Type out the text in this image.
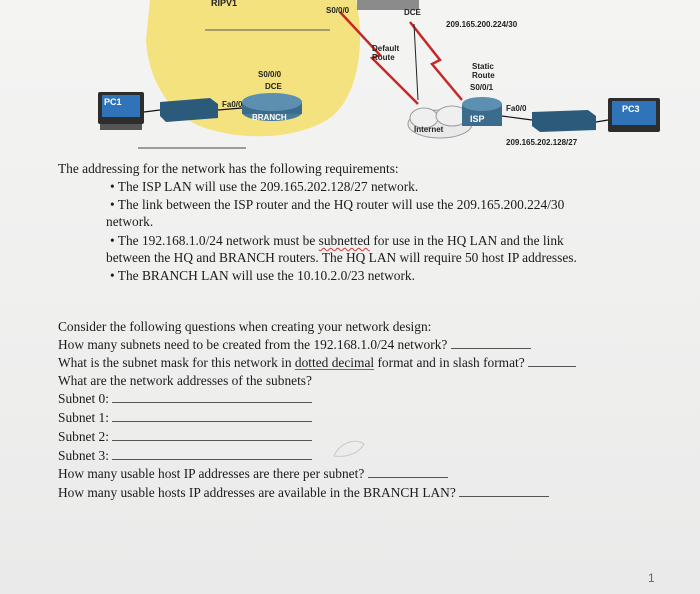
RIPV1
S0/0/0	DCE
209.165.200.224/30
Default
Route
Static
Route
S0/0/1
S0/0/0
DCE
PC1	Fa0/0
BRANCH
Internet
ISP
Fa0/0	PC3
209.165.202.128/27
The addressing for the network has the following requirements:
• The ISP LAN will use the 209.165.202.128/27 network.
• The link between the ISP router and the HQ router will use the 209.165.200.224/30
network.
• The 192.168.1.0/24 network must be subnetted for use in the HQ LAN and the link
between the HQ and BRANCH routers. The HQ LAN will require 50 host IP addresses.
• The BRANCH LAN will use the 10.10.2.0/23 network.
Consider the following questions when creating your network design:
How many subnets need to be created from the 192.168.1.0/24 network?
What is the subnet mask for this network in dotted decimal format and in slash format?
What are the network addresses of the subnets?
Subnet 0:
Subnet 1:
Subnet 2:
Subnet 3:
How many usable host IP addresses are there per subnet?
How many usable hosts IP addresses are available in the BRANCH LAN?
1
